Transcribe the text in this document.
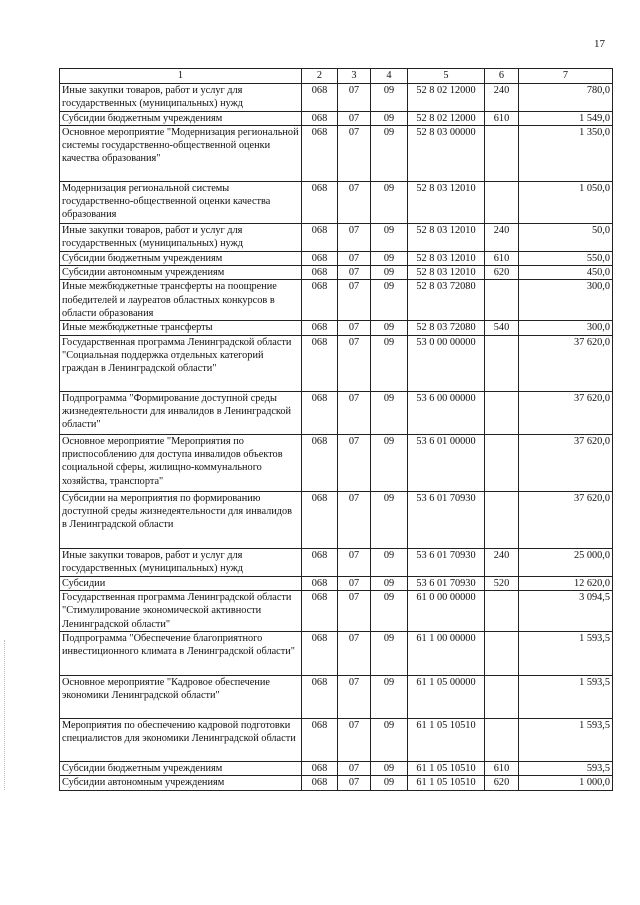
17
1	2	3	4	5	6	7
Иные закупки товаров, работ и услуг для государственных (муниципальных) нужд	068	07	09	52 8 02 12000	240	780,0
Субсидии бюджетным учреждениям	068	07	09	52 8 02 12000	610	1 549,0
Основное мероприятие "Модернизация региональной системы государственно-общественной оценки качества образования"	068	07	09	52 8 03 00000		1 350,0
Модернизация региональной системы государственно-общественной оценки качества образования	068	07	09	52 8 03 12010		1 050,0
Иные закупки товаров, работ и услуг для государственных (муниципальных) нужд	068	07	09	52 8 03 12010	240	50,0
Субсидии бюджетным учреждениям	068	07	09	52 8 03 12010	610	550,0
Субсидии автономным учреждениям	068	07	09	52 8 03 12010	620	450,0
Иные межбюджетные трансферты на поощрение победителей и лауреатов областных конкурсов в области образования	068	07	09	52 8 03 72080		300,0
Иные межбюджетные трансферты	068	07	09	52 8 03 72080	540	300,0
Государственная программа Ленинградской области "Социальная поддержка отдельных категорий граждан в Ленинградской области"	068	07	09	53 0 00 00000		37 620,0
Подпрограмма "Формирование доступной среды жизнедеятельности для инвалидов в Ленинградской области"	068	07	09	53 6 00 00000		37 620,0
Основное мероприятие "Мероприятия по приспособлению для доступа инвалидов объектов социальной сферы, жилищно-коммунального хозяйства, транспорта"	068	07	09	53 6 01 00000		37 620,0
Субсидии на мероприятия по формированию доступной среды жизнедеятельности для инвалидов в Ленинградской области	068	07	09	53 6 01 70930		37 620,0
Иные закупки товаров, работ и услуг для государственных (муниципальных) нужд	068	07	09	53 6 01 70930	240	25 000,0
Субсидии	068	07	09	53 6 01 70930	520	12 620,0
Государственная программа Ленинградской области "Стимулирование экономической активности Ленинградской области"	068	07	09	61 0 00 00000		3 094,5
Подпрограмма "Обеспечение благоприятного инвестиционного климата в Ленинградской области"	068	07	09	61 1 00 00000		1 593,5
Основное мероприятие "Кадровое обеспечение экономики Ленинградской области"	068	07	09	61 1 05 00000		1 593,5
Мероприятия по обеспечению кадровой подготовки специалистов для экономики Ленинградской области	068	07	09	61 1 05 10510		1 593,5
Субсидии бюджетным учреждениям	068	07	09	61 1 05 10510	610	593,5
Субсидии автономным учреждениям	068	07	09	61 1 05 10510	620	1 000,0
